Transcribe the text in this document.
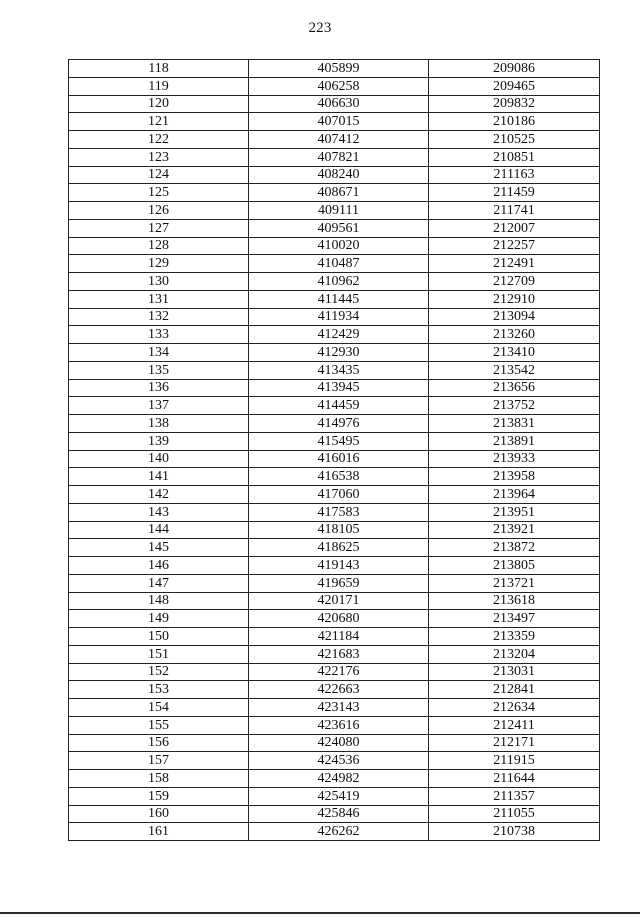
223
118	405899	209086
119	406258	209465
120	406630	209832
121	407015	210186
122	407412	210525
123	407821	210851
124	408240	211163
125	408671	211459
126	409111	211741
127	409561	212007
128	410020	212257
129	410487	212491
130	410962	212709
131	411445	212910
132	411934	213094
133	412429	213260
134	412930	213410
135	413435	213542
136	413945	213656
137	414459	213752
138	414976	213831
139	415495	213891
140	416016	213933
141	416538	213958
142	417060	213964
143	417583	213951
144	418105	213921
145	418625	213872
146	419143	213805
147	419659	213721
148	420171	213618
149	420680	213497
150	421184	213359
151	421683	213204
152	422176	213031
153	422663	212841
154	423143	212634
155	423616	212411
156	424080	212171
157	424536	211915
158	424982	211644
159	425419	211357
160	425846	211055
161	426262	210738
